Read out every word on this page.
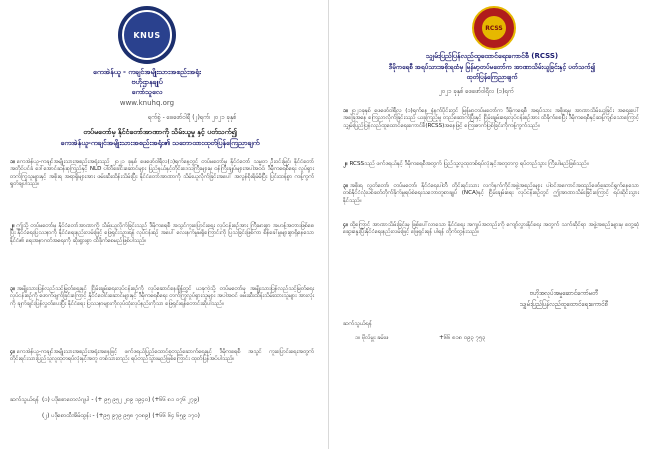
KNUS
ကေအဲန်ယူ - ကချင်အမျိုးသားအစည်းအရုံး
ဗဟိုဌာနချုပ်
ကော်သူလေ
www.knuhq.org
ရက်စွဲ - ဖေဖော်ဝါရီ (၂)ရက်၊ ၂၀၂၁ ခုနှစ်
တပ်မတော်မှ နိုင်ငံတော်အာဏာကို သိမ်းယူမှု နှင့် ပတ်သက်၍
ကေအဲန်ယူ-ကချင်အမျိုးသားအစည်းအရုံး၏ သဘောထားထုတ်ပြန်ကြေညာချက်
၁။ ကေအဲန်ယူ-ကချင်အမျိုးသားအစည်းအရုံးသည် ၂၀၂၁ ခုနှစ် ဖေဖော်ဝါရီလ(၁)ရက်နေ့တွင် တပ်မတော်မှ နိုင်ငံတော် သမ္မတ ဦးဝင်းမြင့်၊ နိုင်ငံတော်အတိုင်ပင်ခံ ဒေါ်အောင်ဆန်းစုကြည်နှင့် NLD ပါတီခေါင်းဆောင်များ ပြည်နယ်နှင့်တိုင်းဒေသကြီးများမှ ဝန်ကြီးချုပ်များအပါအဝင်၊ ဒီမိုကရေစီရေး လှုပ်ရှားတက်ကြွသူများနှင့် အစိုးရ အရာရှိများအား ဖမ်းဆီးထိန်းသိမ်းပြီး နိုင်ငံတော်အာဏာကို သိမ်းယူလိုက်ခြင်းအပေါ် အလွန်စိုးရိမ်မိပြီး ပြင်းထန်စွာ ကန့်ကွက်ရှုတ်ချပါသည်။
၂။ ဤသို့ တပ်မတော်မှ နိုင်ငံတော်အာဏာကို သိမ်းယူလိုက်ခြင်းသည် ဒီမိုကရေစီ အသွင်ကူးပြောင်းရေး လုပ်ငန်းစဉ်အား ကြီးမားစွာ အဟန့်အတားဖြစ်စေပြီး နိုင်ငံရေးပြဿနာကို နိုင်ငံရေးနည်းလမ်းဖြင့် ဖြေရှင်းသွားရန် လုပ်ငန်းစဉ် အပေါ် လေးနက်မှုမရှိကြောင်းကို ပြသခြင်းဖြစ်ကာ စိန်ခေါ်မှုများစွာရှိနေသော နိုင်ငံ၏ ရေးအနာဂတ်အရေးကို ဆိုးရွားစွာ ထိခိုက်စေမည်ဖြစ်ပါသည်။
၃။ အမျိုးသားပြန်လည်သင့်မြတ်ရေးနှင့် ငြိမ်းချမ်းရေးလုပ်ငန်းစဉ်ကို လုပ်ဆောင်နေချိန်တွင် ယခုကဲ့သို့ တပ်မတော်မှ အမျိုးသားပြန်လည်သင့်မြတ်ရေးလုပ်ငန်းစဉ်ကို ဖောက်ဖျက်ခြင်းကြောင့် နိုင်ငံဝေါင်းဆောင်များနှင့် ဒီမိုကရေစီရေး တက်ကြွလှုပ်ရှားသူများ အပါအဝင် ဖမ်းဆီးထိန်းသိမ်းထားသူများ အားလုံးကို ချက်ချင်းပြန်လွှတ်ပေးပြီး နိုင်ငံရေး ပြဿနာများကိုလုပ်ထုံးလုပ်နည်းကိုသာ ဖြေရှင်းရန်တောင်းဆိုပါသည်။
၄။ ကေအဲန်ယူ-ကချင်အမျိုးသားအစည်းအရုံးအနေဖြင့် ဖက်ဒရယ်ပြည်ထောင်စုတည်ဆောက်ရေးနှင့် ဒီမိုကရေစီ အသွင် ကူးပြောင်းရေးအတွက် တိုင်းရင်းသားပြည်သူလူထုတရပ်လုံးနှင့်အတူ တစ်သားတည်း ရပ်တည်သွားမည်ဖြစ်ကြောင်း ထုတ်ပြန်အပ်ပါသည်။
ဆက်သွယ်ရန် (၁) ပဒိုစောတေလံဂျပါ - (+ ၉၅ ၉၅၂ ၂၀၉ ၁၉၄၀) (+၆၆ ၈၁ ၀၇၆ ၂၇၉)
(၂) ပဒိုစောထီအိမ်ထွန်း - (+၉၅ ၉၇၉ ၉၅၈ ၇၀၈၉) (+၆၆ ၆၄ ၆၅၉ ၁၇၀)
RCSS
သျှမ်းပြည်ပြန်လည်ထူထောင်ရေးကောင်စီ (RCSS)
ဒီမိုကရေစီ အရပ်သားအစိုးရထံမှ မြန်မာ့တပ်မတော်က အာဏာသိမ်းယူခြင်းနှင့် ပတ်သက်၍
ထုတ်ပြန်ကြေညာချက်
၂၀၂၁ ခုနှစ် ဖေဖော်ဝါရီလ (၁)ရက်
၁။ ၂၀၂၁ခုနှစ် ဖေဖော်ဝါရီလ (၁)ရက်နေ့ နံနက်ပိုင်းတွင် မြန်မာ့တပ်မတော်က ဒီမိုကရေစီ အရပ်သား အစိုးရမှ အာဏာသိမ်းယူခြင်း အရေးပေါ်အခြေအနေ ကြေညာလိုက်ခြင်းသည် ယခုကြည့်မူ တည်ဆောက်ပြီးနှင့် ငြိမ်းချမ်းရေးလုပ်ငန်းစဉ်အား ထိခိုက်စေပြီး ဒီမိုကရေစီနှင့်ဆန့်ကျင်သောကြောင့် သျှမ်းပြည်ပြန်လည်ထူထောင်ရေးကောင်စီ(RCSS)အနေဖြင့် ကြေးဇာက်ပြစ်ခြင်းကိုကန့်ကွက်သည်။
၂။ RCSSသည် ဖက်ဒရယ်နှင့် ဒီမိုကရေစီအတွက် ပြည်သူ့လူထုတစ်ရပ်လုံးနှင့်အတူတကွ ရပ်တည်သွား ကြီးပါမည်ဖြစ်သည်။
၃။ အစိုးရ လွှတ်တော်၊ တပ်မတော်၊ နိုင်ငံရေးပါတီ တိုင်းရင်းသား လက်နက်ကိုင်အဖွဲ့အစည်းများ ပါဝင်အကောင်အထည်ဖော်ဆောင်ရွက်နေသော တစ်နိုင်ငံလုံးပစ်ခတ်တိုက်ခိုက်မှုရပ်စဲရေးသဘောတူစာချုပ် (NCA)နှင့် ငြိမ်းချမ်းရေး လုပ်ငန်းစဉ်တွင် ဤအာဏာသိမ်းခြင်းကြောင့် ရပ်ဆိုင်းသွားနိုင်သည်။
၄။ ထို့ကြောင့် အာဏာသိမ်းခြင်းမှ ဖြစ်ပေါ်လာသော နိုင်ငံရေး အကျပ်အတည်းကို ကျော်လွှားနိုင်ရေး အတွက် သက်ဆိုင်ရာ အဖွဲ့အစည်းများမှ တွေ့ဆုံဆွေးနွေးပြီးနိုင်ငံရေးနည်းလမ်းဖြင့် ဖြေရှင်းရန် ပါရန် တိုက်တွန်းသည်။
ဗဟိုအလုပ်အမှုဆောင်ကော်မတီ
သျှမ်းပြည်ပြန်လည်ထူထောင်ရေးကောင်စီ
ဆက်သွယ်ရန်
၁။ ဗိုလ်မှူး ခမ်းဖ	+၆၆ ၈၁၈ ၀၉၃ ၇၅၃
